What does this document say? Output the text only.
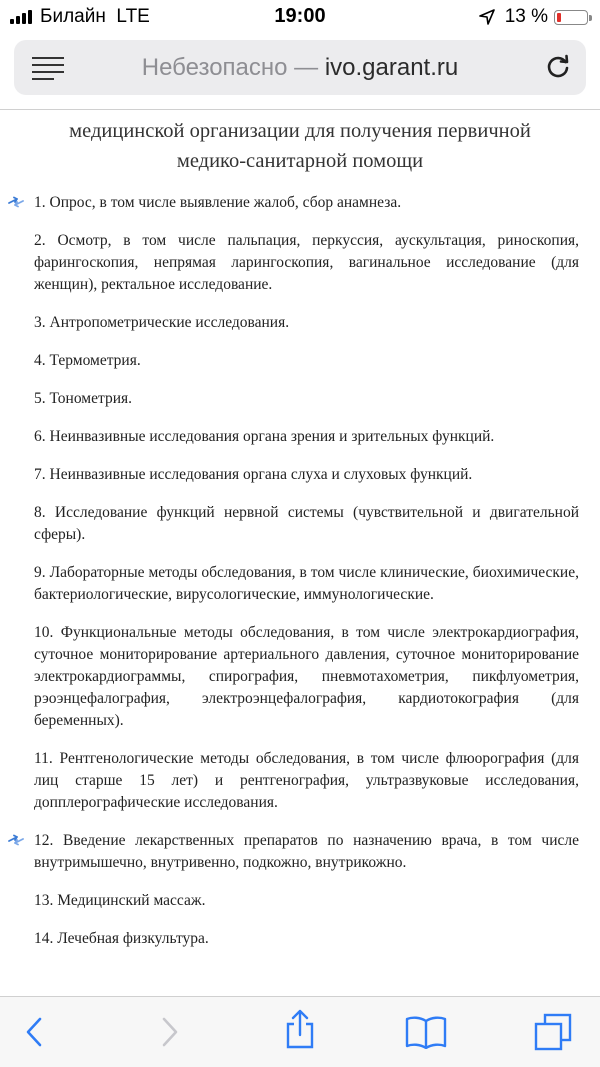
Билайн LTE	19:00	13 %
Небезопасно — ivo.garant.ru
медицинской организации для получения первичной медико-санитарной помощи
1. Опрос, в том числе выявление жалоб, сбор анамнеза.
2. Осмотр, в том числе пальпация, перкуссия, аускультация, риноскопия, фарингоскопия, непрямая ларингоскопия, вагинальное исследование (для женщин), ректальное исследование.
3. Антропометрические исследования.
4. Термометрия.
5. Тонометрия.
6. Неинвазивные исследования органа зрения и зрительных функций.
7. Неинвазивные исследования органа слуха и слуховых функций.
8. Исследование функций нервной системы (чувствительной и двигательной сферы).
9. Лабораторные методы обследования, в том числе клинические, биохимические, бактериологические, вирусологические, иммунологические.
10. Функциональные методы обследования, в том числе электрокардиография, суточное мониторирование артериального давления, суточное мониторирование электрокардиограммы, спирография, пневмотахометрия, пикфлуометрия, рэоэнцефалография, электроэнцефалография, кардиотокография (для беременных).
11. Рентгенологические методы обследования, в том числе флюорография (для лиц старше 15 лет) и рентгенография, ультразвуковые исследования, допплерографические исследования.
12. Введение лекарственных препаратов по назначению врача, в том числе внутримышечно, внутривенно, подкожно, внутрикожно.
13. Медицинский массаж.
14. Лечебная физкультура.
